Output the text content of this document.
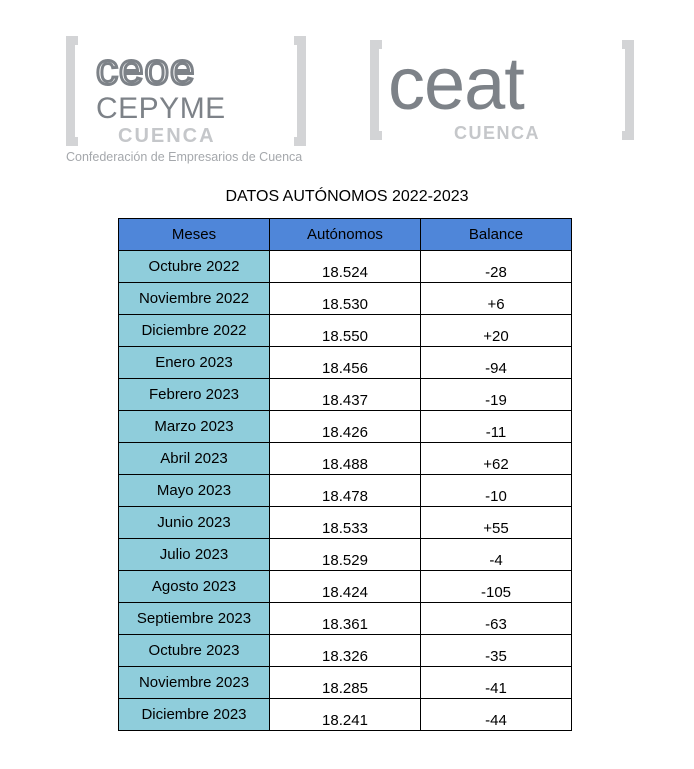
ceoe
CEPYME
CUENCA
Confederación de Empresarios de Cuenca
ceat
CUENCA
DATOS AUTÓNOMOS 2022-2023
Meses	Autónomos	Balance
Octubre 2022	18.524	-28
Noviembre 2022	18.530	+6
Diciembre 2022	18.550	+20
Enero 2023	18.456	-94
Febrero 2023	18.437	-19
Marzo 2023	18.426	-11
Abril 2023	18.488	+62
Mayo 2023	18.478	-10
Junio 2023	18.533	+55
Julio 2023	18.529	-4
Agosto 2023	18.424	-105
Septiembre 2023	18.361	-63
Octubre 2023	18.326	-35
Noviembre 2023	18.285	-41
Diciembre 2023	18.241	-44
